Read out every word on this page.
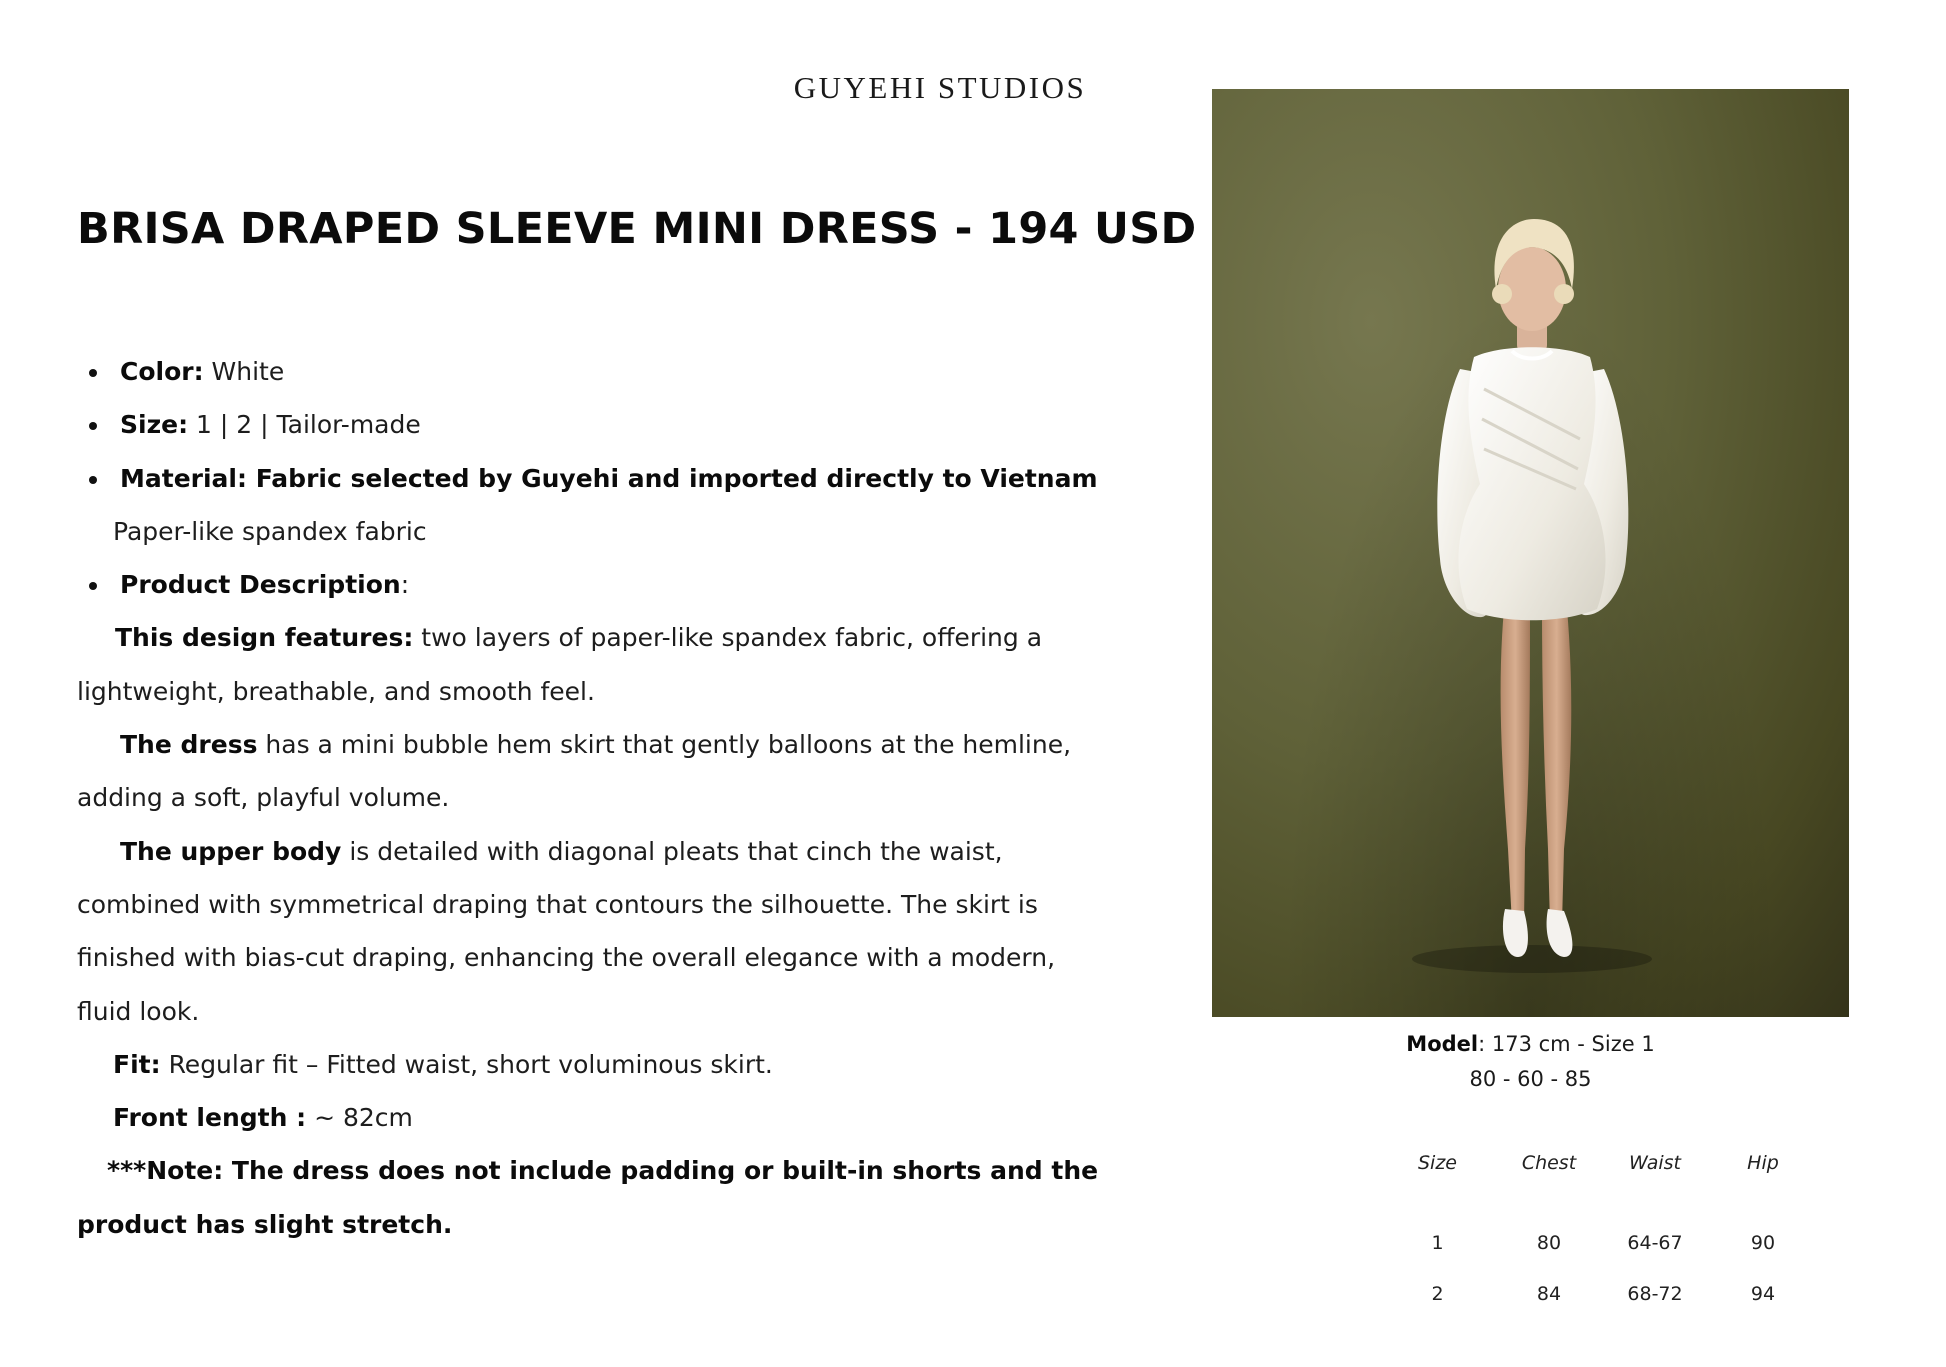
GUYEHI STUDIOS
BRISA DRAPED SLEEVE MINI DRESS - 194 USD
Color: White
Size: 1 | 2 | Tailor-made
Material: Fabric selected by Guyehi and imported directly to Vietnam
Paper-like spandex fabric
Product Description:
This design features: two layers of paper-like spandex fabric, offering a
lightweight, breathable, and smooth feel.
The dress has a mini bubble hem skirt that gently balloons at the hemline,
adding a soft, playful volume.
The upper body is detailed with diagonal pleats that cinch the waist,
combined with symmetrical draping that contours the silhouette. The skirt is
finished with bias-cut draping, enhancing the overall elegance with a modern,
fluid look.
Fit: Regular fit – Fitted waist, short voluminous skirt.
Front length : ~ 82cm
***Note: The dress does not include padding or built-in shorts and the
product has slight stretch.
Model: 173 cm - Size 1
80 - 60 - 85
Size	Chest	Waist	Hip
1	80	64-67	90
2	84	68-72	94
